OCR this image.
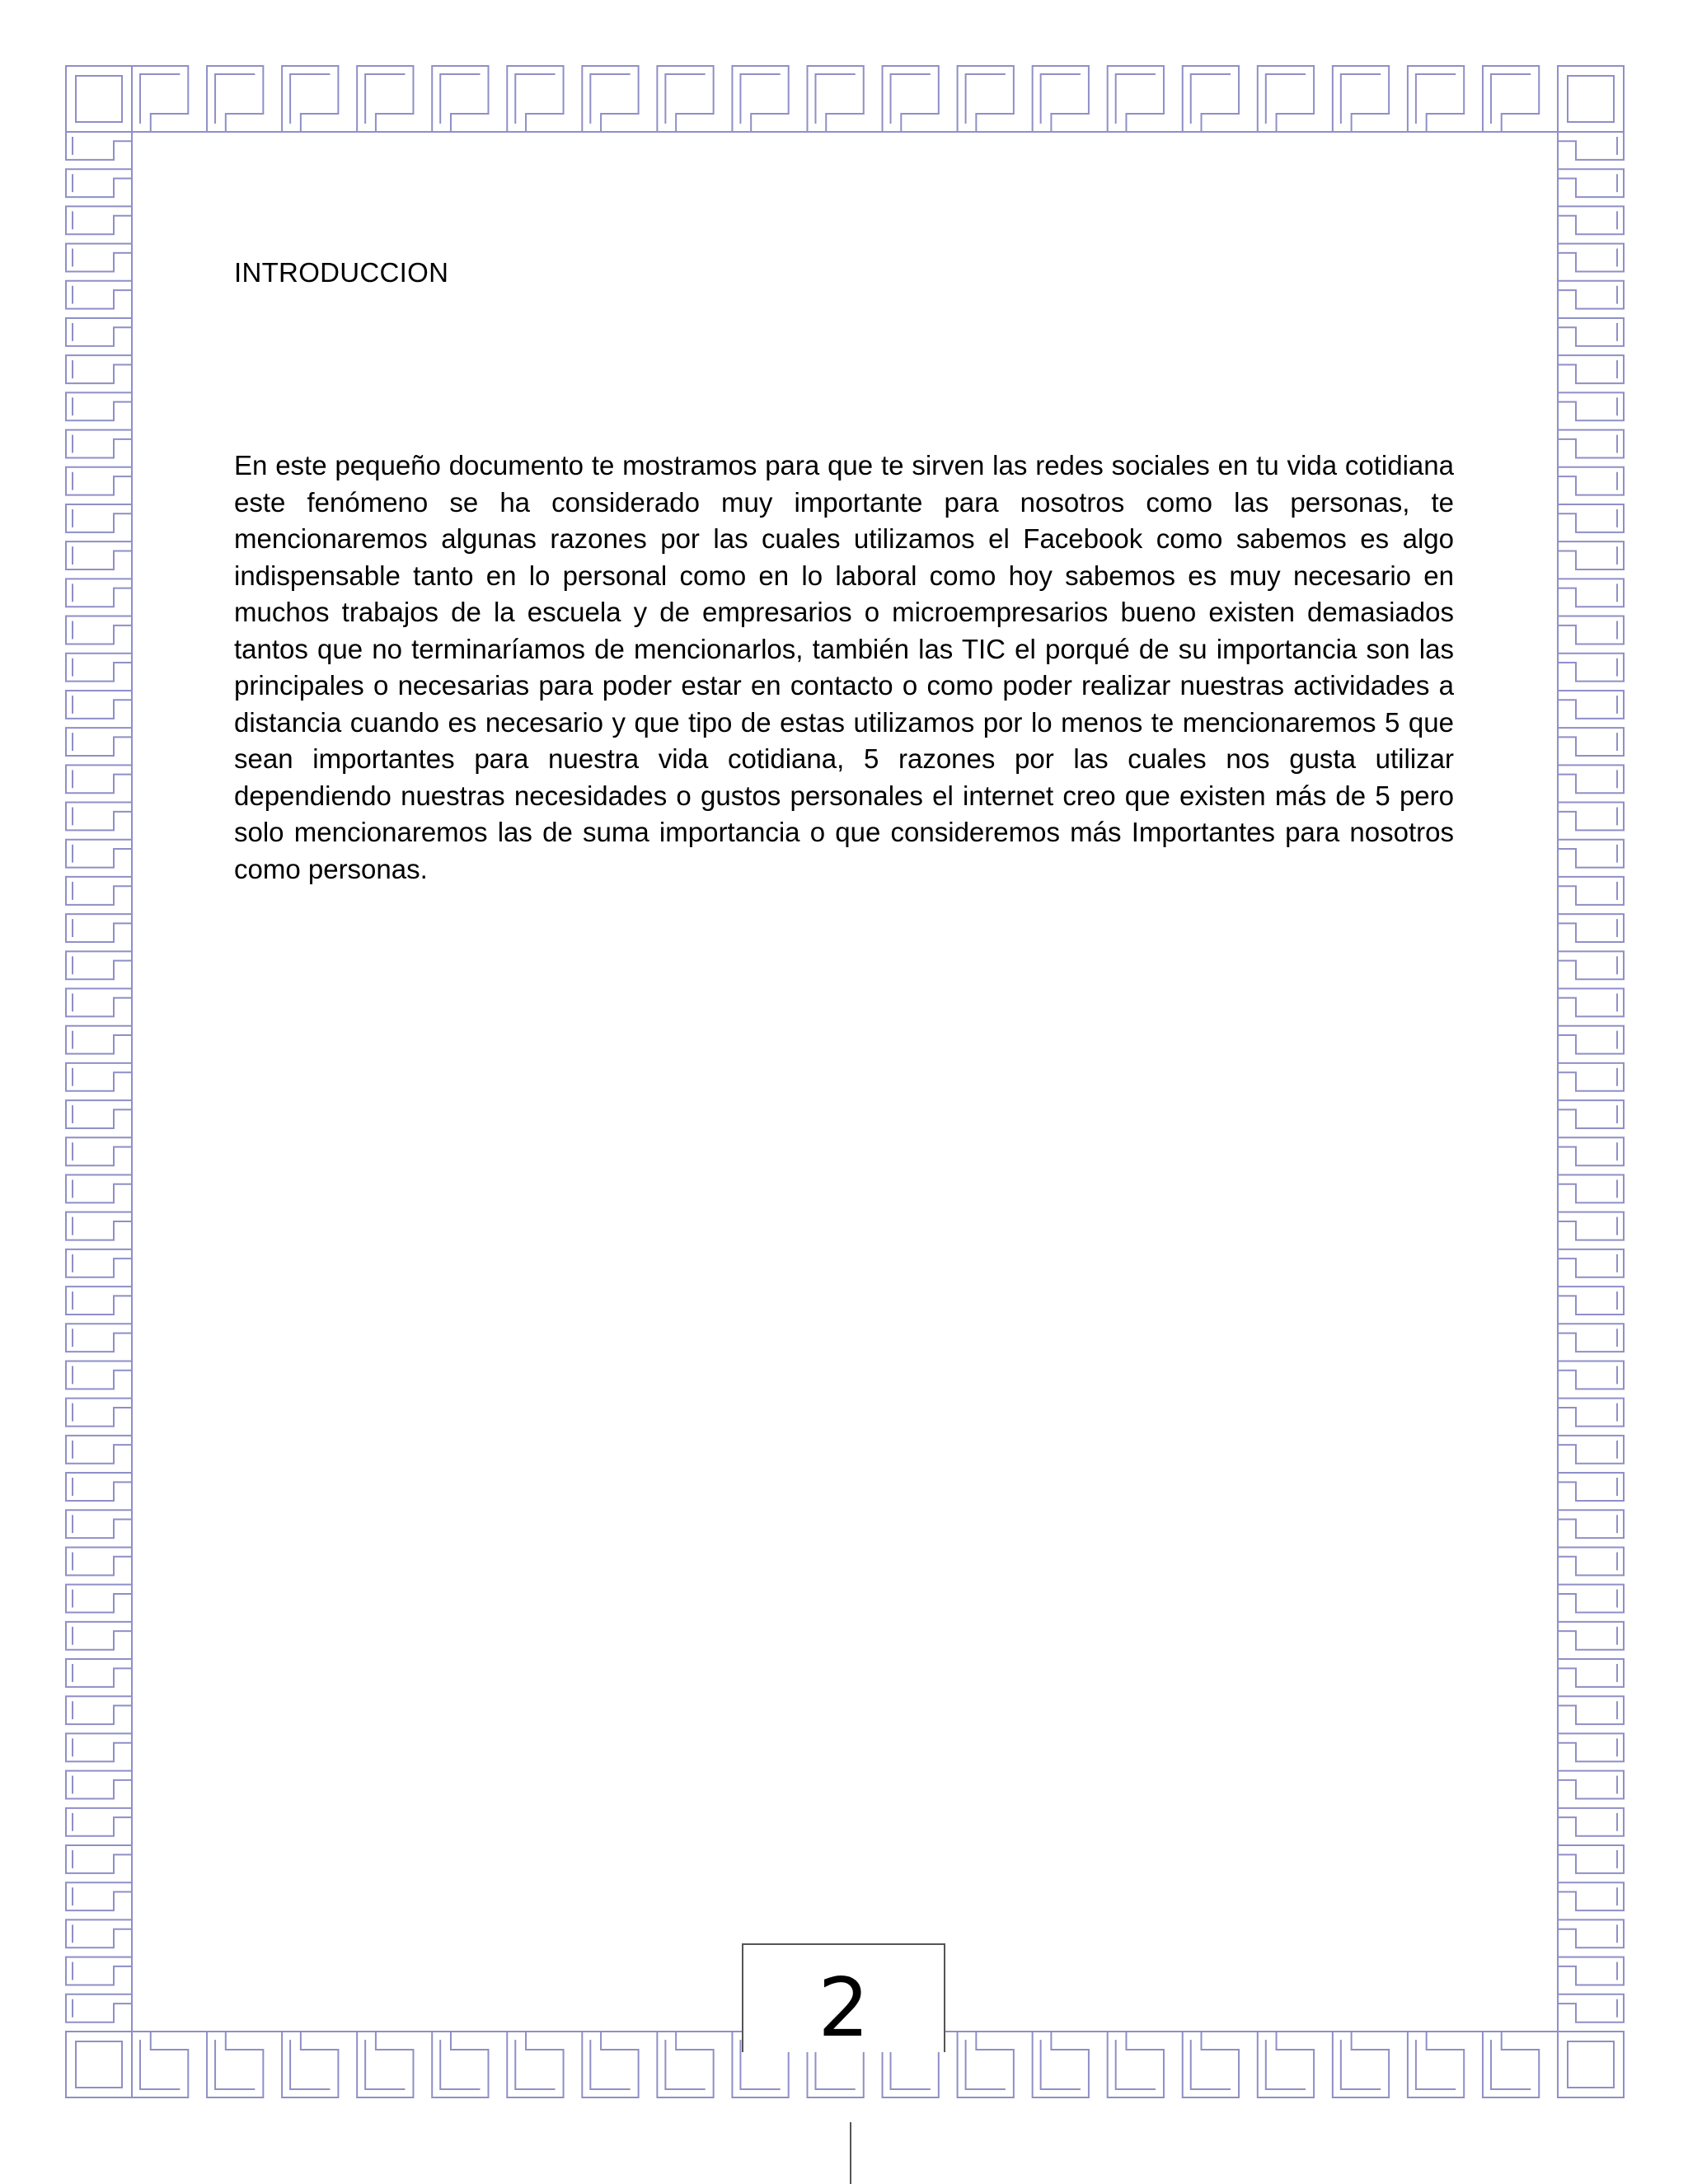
INTRODUCCION

En este pequeño documento te mostramos para que te sirven las redes sociales en tu vida cotidiana este fenómeno se ha considerado muy importante para nosotros como las personas, te mencionaremos algunas razones por las cuales utilizamos el Facebook como sabemos es algo indispensable tanto en lo personal como en lo laboral como hoy sabemos es muy necesario en muchos trabajos de la escuela y de empresarios o microempresarios bueno existen demasiados tantos que no terminaríamos de mencionarlos, también las TIC el porqué de su importancia son las principales o necesarias para poder estar en contacto o como poder realizar nuestras actividades a distancia cuando es necesario y que tipo de estas utilizamos por lo menos te mencionaremos 5 que sean importantes para nuestra vida cotidiana, 5 razones por las cuales nos gusta utilizar dependiendo nuestras necesidades o gustos personales el internet creo que existen más de 5 pero solo mencionaremos las de suma importancia o que consideremos más Importantes para nosotros como personas.

2
